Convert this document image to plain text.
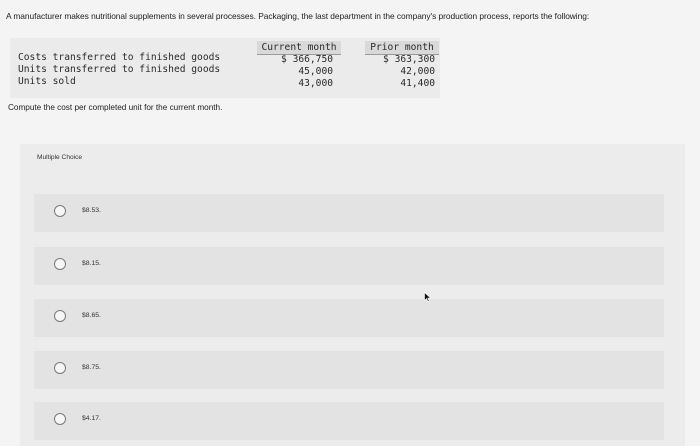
A manufacturer makes nutritional supplements in several processes. Packaging, the last department in the company's production process, reports the following:
Costs transferred to finished goods
Units transferred to finished goods
Units sold
Current month
$ 366,750
45,000
43,000
Prior month
$ 363,300
42,000
41,400
Compute the cost per completed unit for the current month.
Multiple Choice
$8.53.
$8.15.
$8.65.
$8.75.
$4.17.
